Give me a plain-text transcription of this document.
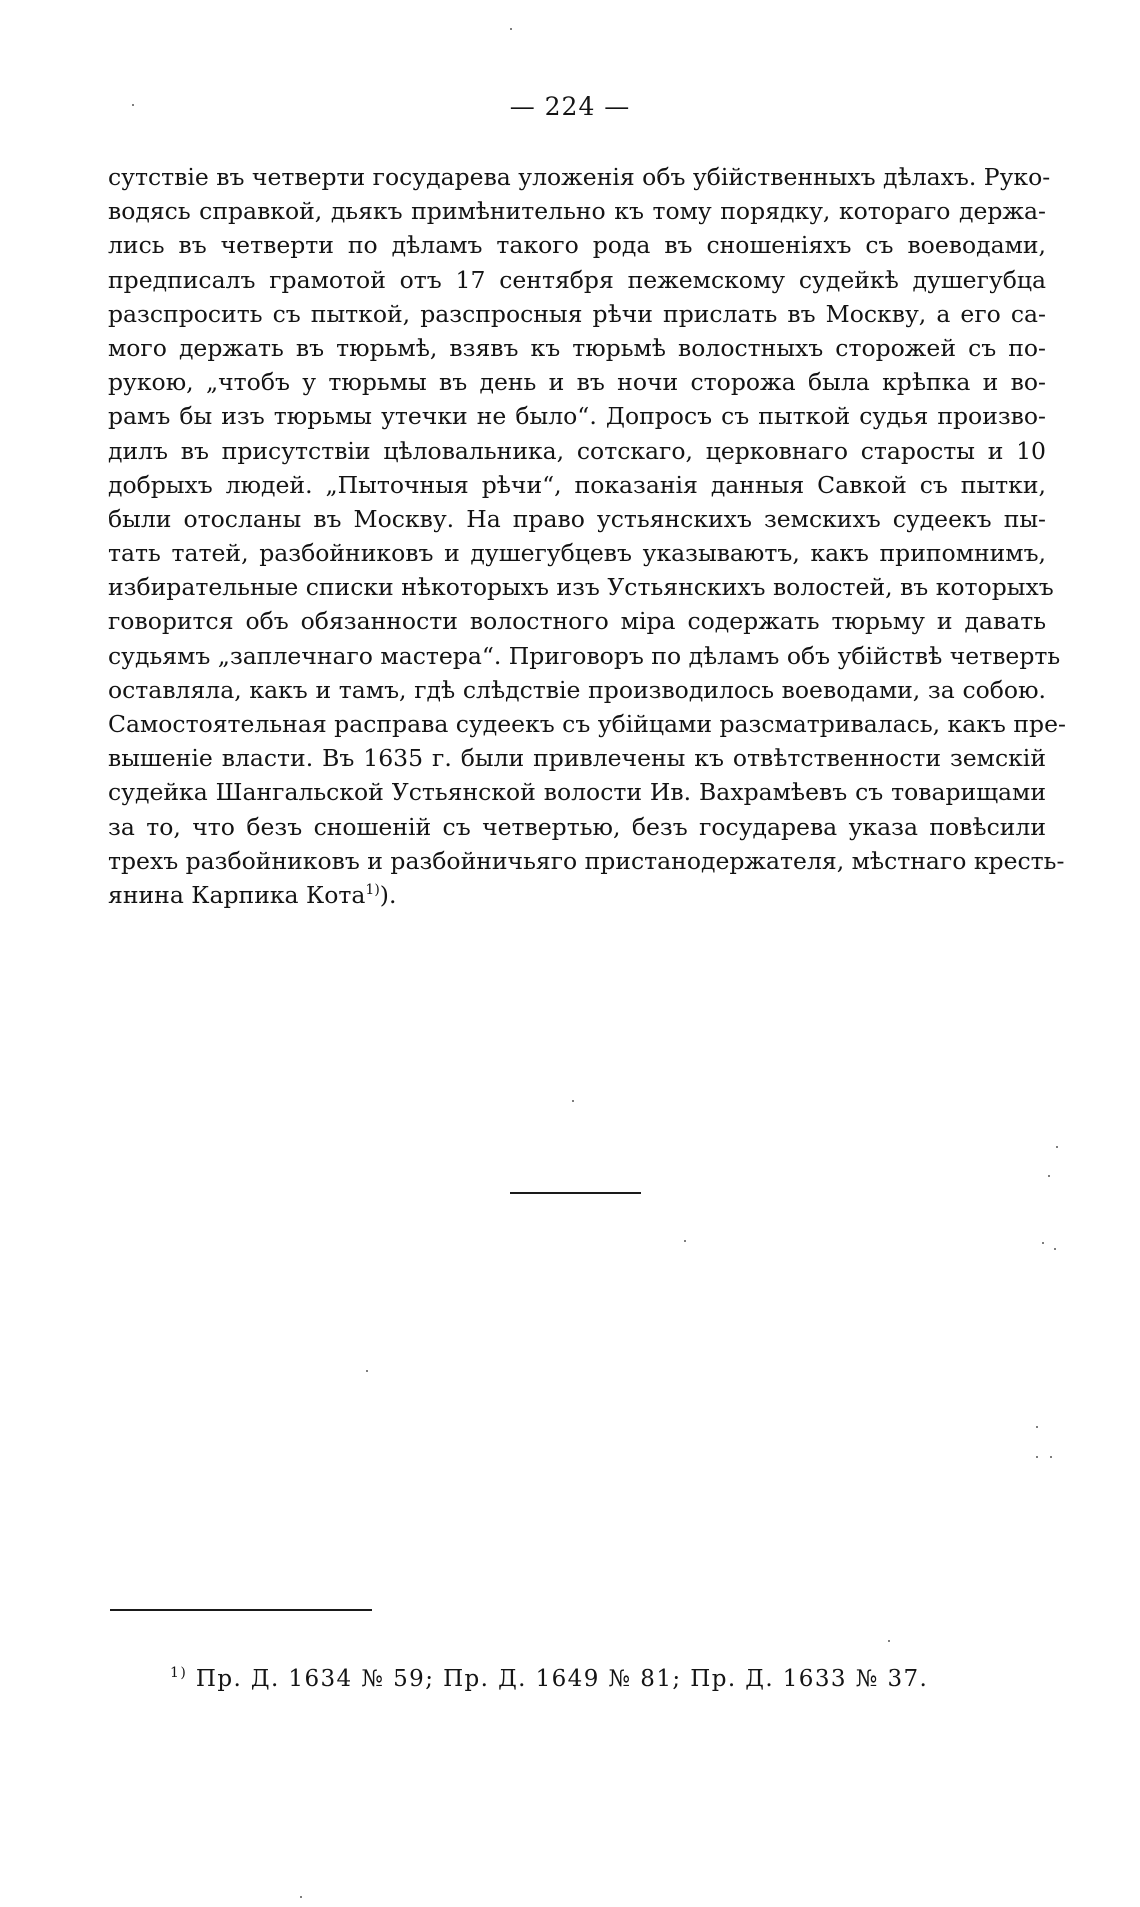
— 224 —
сутствіе въ четверти государева уложенія объ убійственныхъ дѣлахъ. Руко-
водясь справкой, дьякъ примѣнительно къ тому порядку, котораго держа-
лись въ четверти по дѣламъ такого рода въ сношеніяхъ съ воеводами,
предписалъ грамотой отъ 17 сентября пежемскому судейкѣ душегубца
разспросить съ пыткой, разспросныя рѣчи прислать въ Москву, а его са-
мого держать въ тюрьмѣ, взявъ къ тюрьмѣ волостныхъ сторожей съ по-
рукою, „чтобъ у тюрьмы въ день и въ ночи сторожа была крѣпка и во-
рамъ бы изъ тюрьмы утечки не было“. Допросъ съ пыткой судья произво-
дилъ въ присутствіи цѣловальника, сотскаго, церковнаго старосты и 10
добрыхъ людей. „Пыточныя рѣчи“, показанія данныя Савкой съ пытки,
были отосланы въ Москву. На право устьянскихъ земскихъ судеекъ пы-
тать татей, разбойниковъ и душегубцевъ указываютъ, какъ припомнимъ,
избирательные списки нѣкоторыхъ изъ Устьянскихъ волостей, въ которыхъ
говорится объ обязанности волостного міра содержать тюрьму и давать
судьямъ „заплечнаго мастера“. Приговоръ по дѣламъ объ убійствѣ четверть
оставляла, какъ и тамъ, гдѣ слѣдствіе производилось воеводами, за собою.
Самостоятельная расправа судеекъ съ убійцами разсматривалась, какъ пре-
вышеніе власти. Въ 1635 г. были привлечены къ отвѣтственности земскій
судейка Шангальской Устьянской волости Ив. Вахрамѣевъ съ товарищами
за то, что безъ сношеній съ четвертью, безъ государева указа повѣсили
трехъ разбойниковъ и разбойничьяго пристанодержателя, мѣстнаго кресть-
янина Карпика Кота$^{1)}$).
$^{1)}$ Пр. Д. 1634 № 59; Пр. Д. 1649 № 81; Пр. Д. 1633 № 37.
